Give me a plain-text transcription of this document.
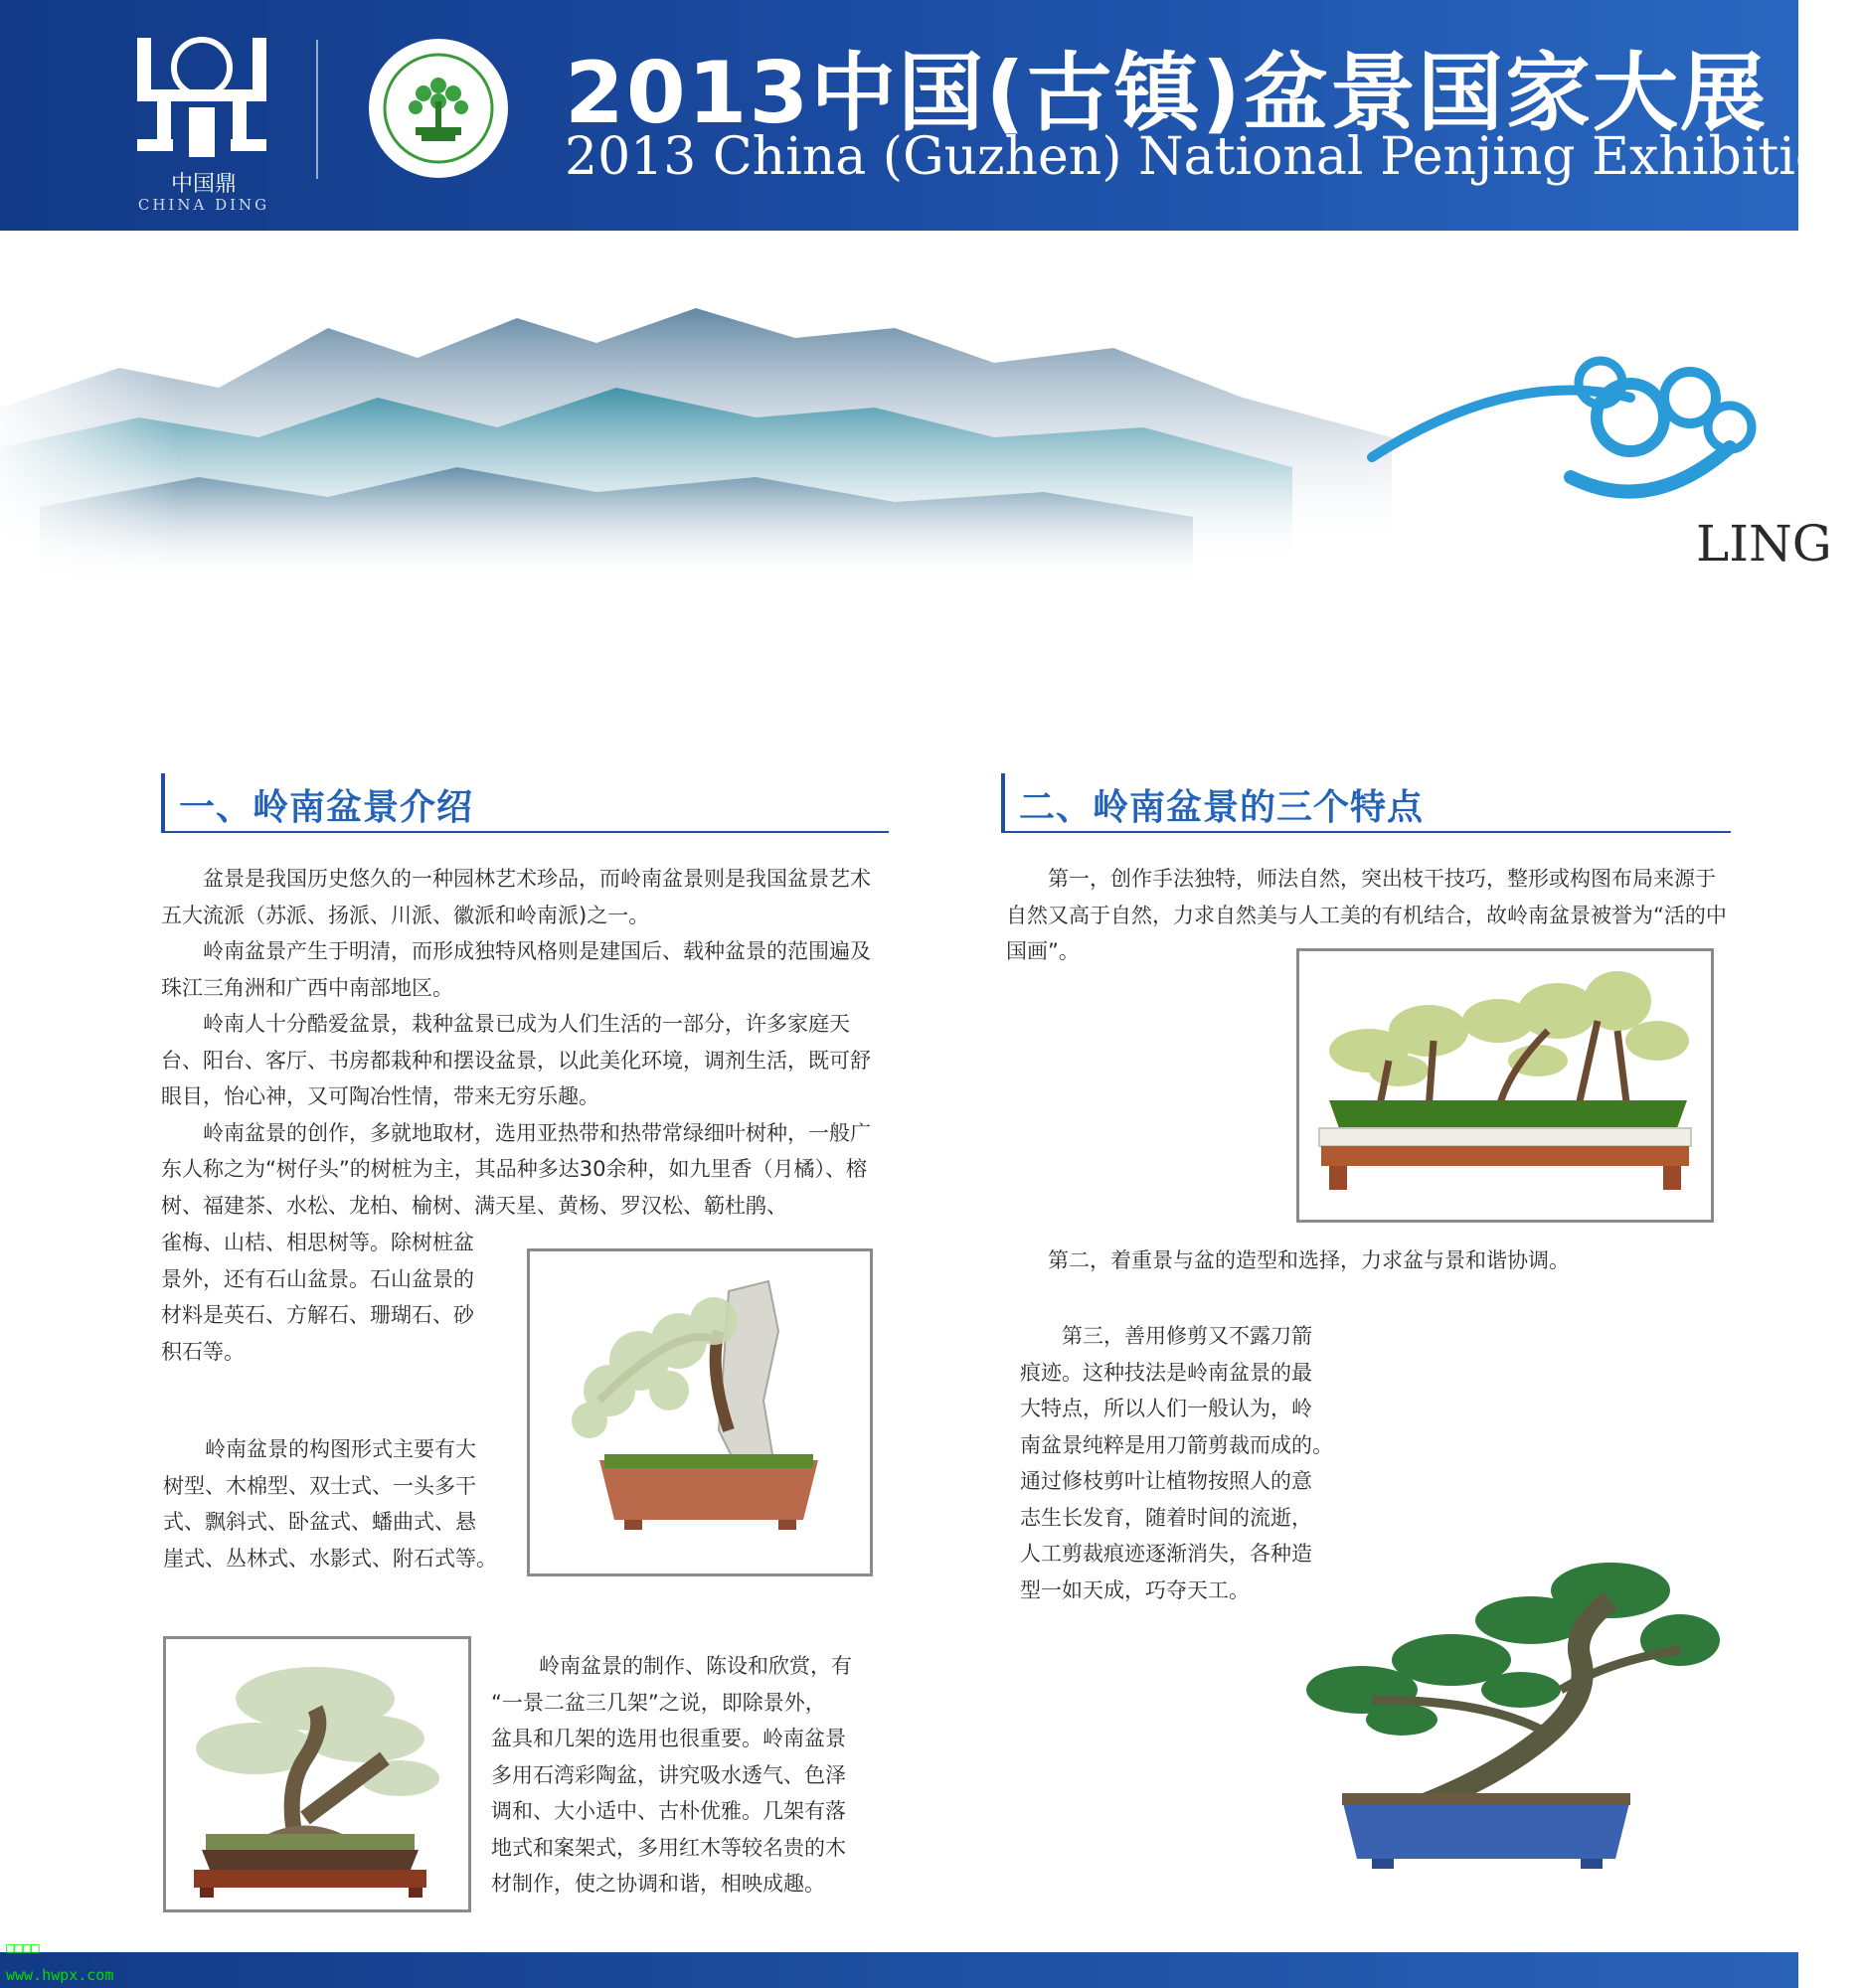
中国鼎
CHINA DING
2013中国(古镇)盆景国家大展
2013 China (Guzhen) National Penjing Exhibition
LING
一、岭南盆景介绍

盆景是我国历史悠久的一种园林艺术珍品，而岭南盆景则是我国盆景艺术五大流派（苏派、扬派、川派、徽派和岭南派)之一。

岭南盆景产生于明清，而形成独特风格则是建国后、载种盆景的范围遍及珠江三角洲和广西中南部地区。

岭南人十分酷爱盆景，栽种盆景已成为人们生活的一部分，许多家庭天台、阳台、客厅、书房都栽种和摆设盆景，以此美化环境，调剂生活，既可舒眼目，怡心神，又可陶冶性情，带来无穷乐趣。

岭南盆景的创作，多就地取材，选用亚热带和热带常绿细叶树种，一般广东人称之为“树仔头”的树桩为主，其品种多达30余种，如九里香（月橘）、榕树、福建茶、水松、龙柏、榆树、满天星、黄杨、罗汉松、簕杜鹃、

雀梅、山桔、相思树等。除树桩盆
景外，还有石山盆景。石山盆景的
材料是英石、方解石、珊瑚石、砂
积石等。
岭南盆景的构图形式主要有大
树型、木棉型、双士式、一头多干
式、飘斜式、卧盆式、蟠曲式、悬
崖式、丛林式、水影式、附石式等。
岭南盆景的制作、陈设和欣赏，有
“一景二盆三几架”之说，即除景外，
盆具和几架的选用也很重要。岭南盆景
多用石湾彩陶盆，讲究吸水透气、色泽
调和、大小适中、古朴优雅。几架有落
地式和案架式，多用红木等较名贵的木
材制作，使之协调和谐，相映成趣。
二、岭南盆景的三个特点

第一，创作手法独特，师法自然，突出枝干技巧，整形或构图布局来源于自然又高于自然，力求自然美与人工美的有机结合，故岭南盆景被誉为“活的中国画”。

第二，着重景与盆的造型和选择，力求盆与景和谐协调。

第三，善用修剪又不露刀箭
痕迹。这种技法是岭南盆景的最
大特点，所以人们一般认为，岭
南盆景纯粹是用刀箭剪裁而成的。
通过修枝剪叶让植物按照人的意
志生长发育，随着时间的流逝，
人工剪裁痕迹逐渐消失，各种造
型一如天成，巧夺天工。
□□□□
www.hwpx.com
